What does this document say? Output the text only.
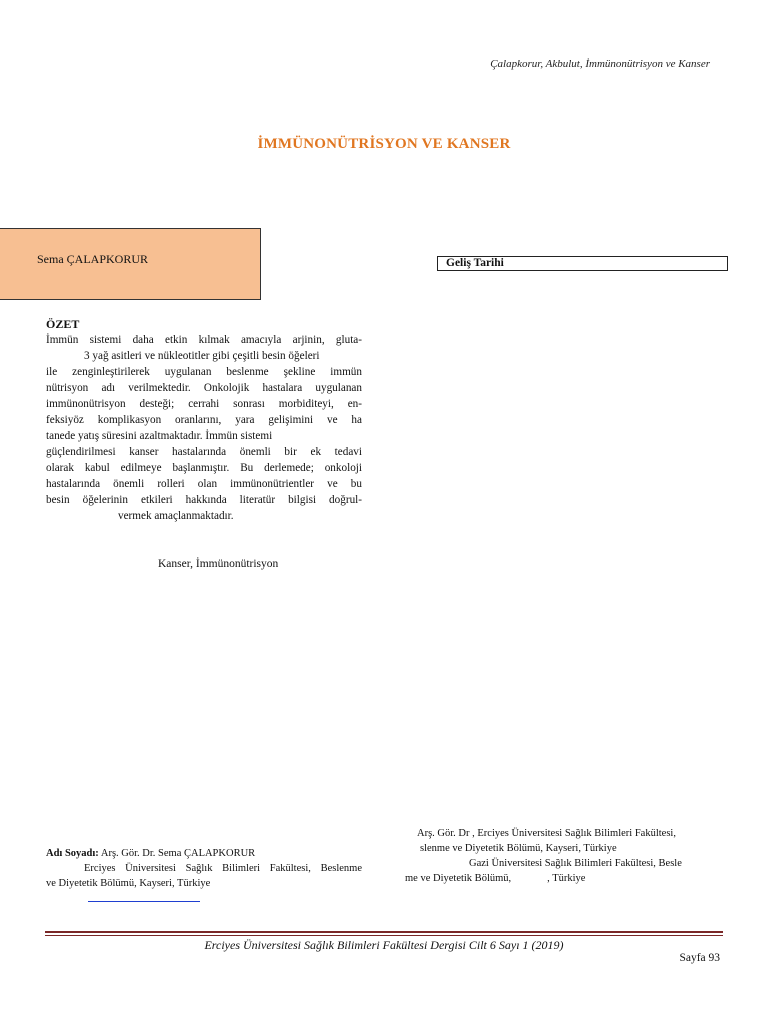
Çalapkorur, Akbulut, İmmünonütrisyon ve Kanser
İMMÜNONÜTRİSYON VE KANSER
Sema ÇALAPKORUR	Geliş Tarihi
ÖZET
İmmün sistemi daha etkin kılmak amacıyla arjinin, gluta-
3 yağ asitleri ve nükleotitler gibi çeşitli besin öğeleri
ile zenginleştirilerek uygulanan beslenme şekline immün
nütrisyon adı verilmektedir. Onkolojik hastalara uygulanan
immünonütrisyon desteği; cerrahi sonrası morbiditeyi, en-
feksiyöz komplikasyon oranlarını, yara gelişimini ve ha
tanede yatış süresini azaltmaktadır. İmmün sistemi
güçlendirilmesi kanser hastalarında önemli bir ek tedavi
olarak kabul edilmeye başlanmıştır. Bu derlemede; onkoloji
hastalarında önemli rolleri olan immünonütrientler ve bu
besin öğelerinin etkileri hakkında literatür bilgisi doğrul-
vermek amaçlanmaktadır.
Kanser, İmmünonütrisyon
Adı Soyadı: Arş. Gör. Dr. Sema ÇALAPKORUR
Erciyes Üniversitesi Sağlık Bilimleri Fakültesi, Beslenme
ve Diyetetik Bölümü, Kayseri, Türkiye
Arş. Gör. Dr , Erciyes Üniversitesi Sağlık Bilimleri Fakültesi,
slenme ve Diyetetik Bölümü, Kayseri, Türkiye
Gazi Üniversitesi Sağlık Bilimleri Fakültesi, Besle
me ve Diyetetik Bölümü,	, Türkiye
Erciyes Üniversitesi Sağlık Bilimleri Fakültesi Dergisi Cilt 6 Sayı 1 (2019)
Sayfa 93
